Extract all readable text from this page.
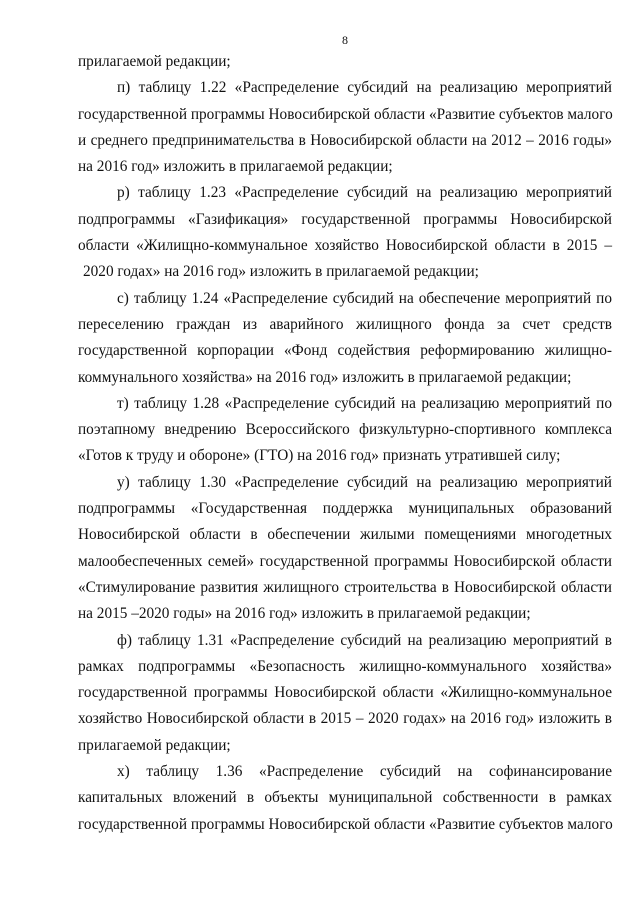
8
прилагаемой редакции;
п) таблицу 1.22 «Распределение субсидий на реализацию мероприятий
государственной программы Новосибирской области «Развитие субъектов малого
и среднего предпринимательства в Новосибирской области на 2012 – 2016 годы»
на 2016 год» изложить в прилагаемой редакции;
р) таблицу 1.23 «Распределение субсидий на реализацию мероприятий
подпрограммы «Газификация» государственной программы Новосибирской
области «Жилищно-коммунальное хозяйство Новосибирской области в 2015 –
2020 годах» на 2016 год» изложить в прилагаемой редакции;
с) таблицу 1.24 «Распределение субсидий на обеспечение мероприятий по
переселению граждан из аварийного жилищного фонда за счет средств
государственной корпорации «Фонд содействия реформированию жилищно-
коммунального хозяйства» на 2016 год» изложить в прилагаемой редакции;
т) таблицу 1.28 «Распределение субсидий на реализацию мероприятий по
поэтапному внедрению Всероссийского физкультурно-спортивного комплекса
«Готов к труду и обороне» (ГТО) на 2016 год» признать утратившей силу;
у) таблицу 1.30 «Распределение субсидий на реализацию мероприятий
подпрограммы «Государственная поддержка муниципальных образований
Новосибирской области в обеспечении жилыми помещениями многодетных
малообеспеченных семей» государственной программы Новосибирской области
«Стимулирование развития жилищного строительства в Новосибирской области
на 2015 –2020 годы» на 2016 год» изложить в прилагаемой редакции;
ф) таблицу 1.31 «Распределение субсидий на реализацию мероприятий в
рамках подпрограммы «Безопасность жилищно-коммунального хозяйства»
государственной программы Новосибирской области «Жилищно-коммунальное
хозяйство Новосибирской области в 2015 – 2020 годах» на 2016 год» изложить в
прилагаемой редакции;
х) таблицу 1.36 «Распределение субсидий на софинансирование
капитальных вложений в объекты муниципальной собственности в рамках
государственной программы Новосибирской области «Развитие субъектов малого
